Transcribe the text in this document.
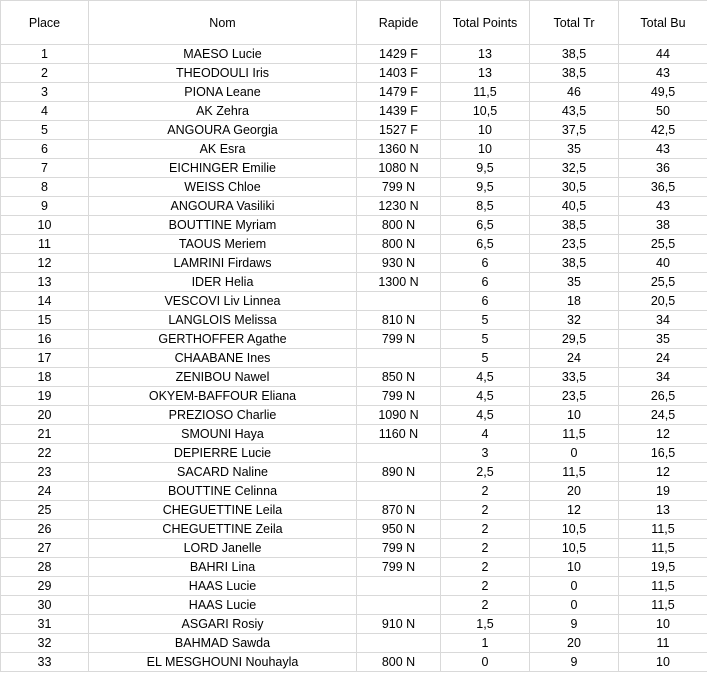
Place	Nom	Rapide	Total Points	Total Tr	Total Bu
1	MAESO Lucie	1429 F	13	38,5	44
2	THEODOULI Iris	1403 F	13	38,5	43
3	PIONA Leane	1479 F	11,5	46	49,5
4	AK Zehra	1439 F	10,5	43,5	50
5	ANGOURA Georgia	1527 F	10	37,5	42,5
6	AK Esra	1360 N	10	35	43
7	EICHINGER Emilie	1080 N	9,5	32,5	36
8	WEISS Chloe	799 N	9,5	30,5	36,5
9	ANGOURA Vasiliki	1230 N	8,5	40,5	43
10	BOUTTINE Myriam	800 N	6,5	38,5	38
11	TAOUS Meriem	800 N	6,5	23,5	25,5
12	LAMRINI Firdaws	930 N	6	38,5	40
13	IDER Helia	1300 N	6	35	25,5
14	VESCOVI Liv Linnea		6	18	20,5
15	LANGLOIS Melissa	810 N	5	32	34
16	GERTHOFFER Agathe	799 N	5	29,5	35
17	CHAABANE Ines		5	24	24
18	ZENIBOU Nawel	850 N	4,5	33,5	34
19	OKYEM-BAFFOUR Eliana	799 N	4,5	23,5	26,5
20	PREZIOSO Charlie	1090 N	4,5	10	24,5
21	SMOUNI Haya	1160 N	4	11,5	12
22	DEPIERRE Lucie		3	0	16,5
23	SACARD Naline	890 N	2,5	11,5	12
24	BOUTTINE Celinna		2	20	19
25	CHEGUETTINE Leila	870 N	2	12	13
26	CHEGUETTINE Zeila	950 N	2	10,5	11,5
27	LORD Janelle	799 N	2	10,5	11,5
28	BAHRI Lina	799 N	2	10	19,5
29	HAAS Lucie		2	0	11,5
30	HAAS Lucie		2	0	11,5
31	ASGARI Rosiy	910 N	1,5	9	10
32	BAHMAD Sawda		1	20	11
33	EL MESGHOUNI Nouhayla	800 N	0	9	10
